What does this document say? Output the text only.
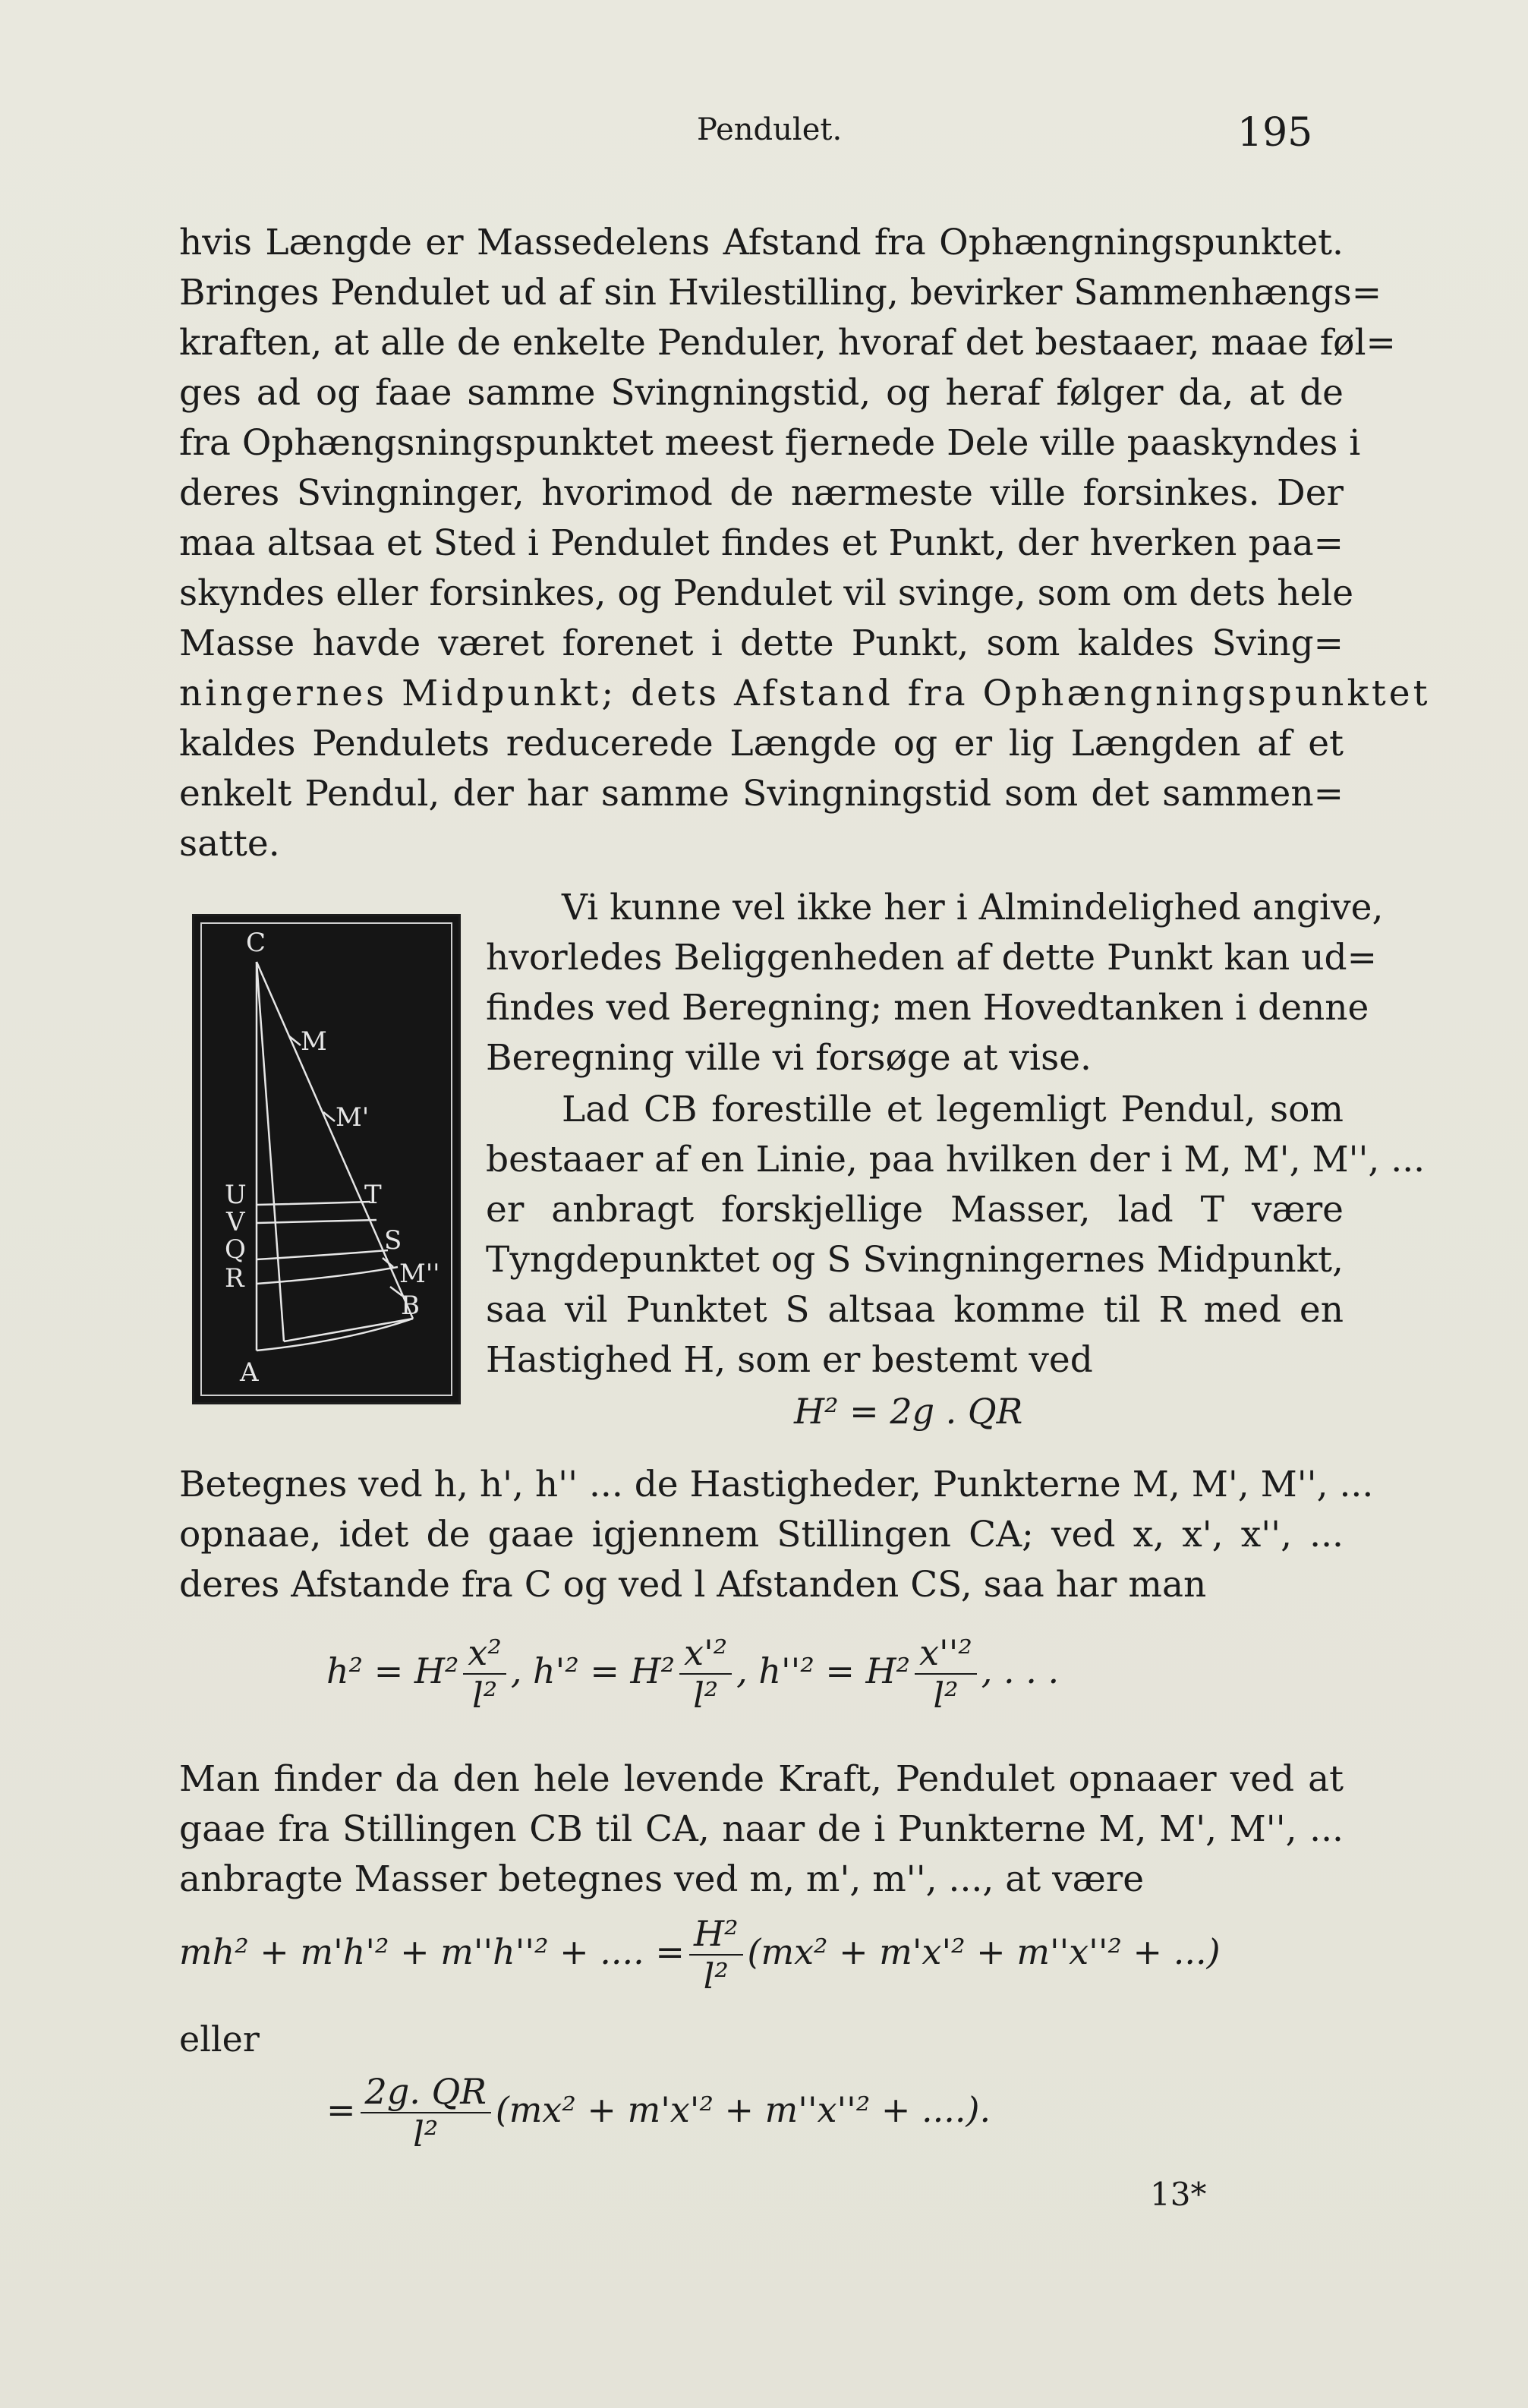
Pendulet.	195
hvis Længde er Massedelens Afstand fra Ophængningspunktet.
Bringes Pendulet ud af sin Hvilestilling, bevirker Sammenhængs=
kraften, at alle de enkelte Penduler, hvoraf det bestaaer, maae føl=
ges ad og faae samme Svingningstid, og heraf følger da, at de
fra Ophængsningspunktet meest fjernede Dele ville paaskyndes i
deres Svingninger, hvorimod de nærmeste ville forsinkes. Der
maa altsaa et Sted i Pendulet findes et Punkt, der hverken paa=
skyndes eller forsinkes, og Pendulet vil svinge, som om dets hele
Masse havde været forenet i dette Punkt, som kaldes Sving=
ningernes Midpunkt; dets Afstand fra Ophængningspunktet
kaldes Pendulets reducerede Længde og er lig Længden af et
enkelt Pendul, der har samme Svingningstid som det sammen=
satte.
C
M
M'
T
U
V
Q
R
S
M''
B
A
Vi kunne vel ikke her i Almindelighed angive,
hvorledes Beliggenheden af dette Punkt kan ud=
findes ved Beregning; men Hovedtanken i denne
Beregning ville vi forsøge at vise.
Lad CB forestille et legemligt Pendul, som
bestaaer af en Linie, paa hvilken der i M, M', M'', ...
er anbragt forskjellige Masser, lad T være
Tyngdepunktet og S Svingningernes Midpunkt,
saa vil Punktet S altsaa komme til R med en
Hastighed H, som er bestemt ved
H² = 2g . QR
Betegnes ved h, h', h'' ... de Hastigheder, Punkterne M, M', M'', ...
opnaae, idet de gaae igjennem Stillingen CA; ved x, x', x'', ...
deres Afstande fra C og ved l Afstanden CS, saa har man
$h^2 = H^2 \frac{\text{x²}}{\text{l²}}$ , $h'^2 = H^2 \frac{\text{x'²}}{\text{l²}}$ , $h''^2 = H^2 \frac{\text{x''²}}{\text{l²}}$ , . . .
Man finder da den hele levende Kraft, Pendulet opnaaer ved at
gaae fra Stillingen CB til CA, naar de i Punkterne M, M', M'', ...
anbragte Masser betegnes ved m, m', m'', ..., at være
mh² + m'h'² + m''h''² + .... = $\frac{\text{H²}}{\text{l²}} (mx^2 + m'x'^2 + m''x''^2$ + ...)
eller
= $\frac{2g. QR}{\text{l²}} (mx^2 + m'x'^2 + m''x''^2$ + ....).
13*
